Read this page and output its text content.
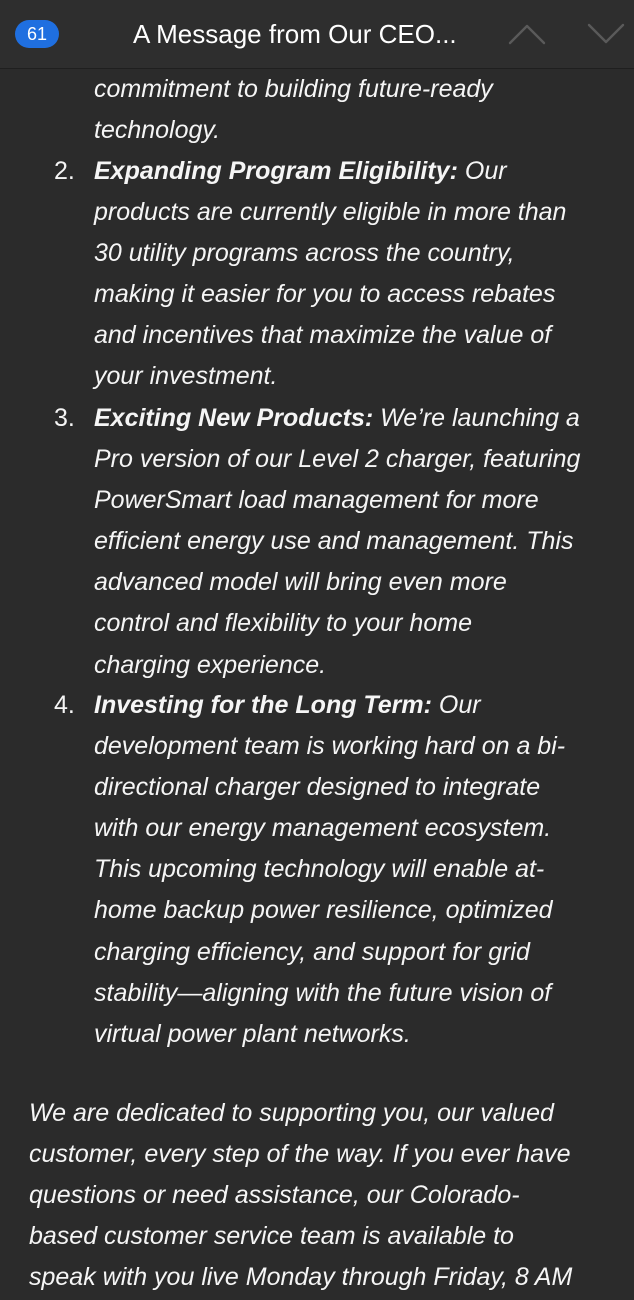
61	A Message from Our CEO...
commitment to building future-ready
technology.
2. Expanding Program Eligibility: Our
products are currently eligible in more than
30 utility programs across the country,
making it easier for you to access rebates
and incentives that maximize the value of
your investment.
3. Exciting New Products: We’re launching a
Pro version of our Level 2 charger, featuring
PowerSmart load management for more
efficient energy use and management. This
advanced model will bring even more
control and flexibility to your home
charging experience.
4. Investing for the Long Term: Our
development team is working hard on a bi-
directional charger designed to integrate
with our energy management ecosystem.
This upcoming technology will enable at-
home backup power resilience, optimized
charging efficiency, and support for grid
stability—aligning with the future vision of
virtual power plant networks.
We are dedicated to supporting you, our valued
customer, every step of the way. If you ever have
questions or need assistance, our Colorado-
based customer service team is available to
speak with you live Monday through Friday, 8 AM
